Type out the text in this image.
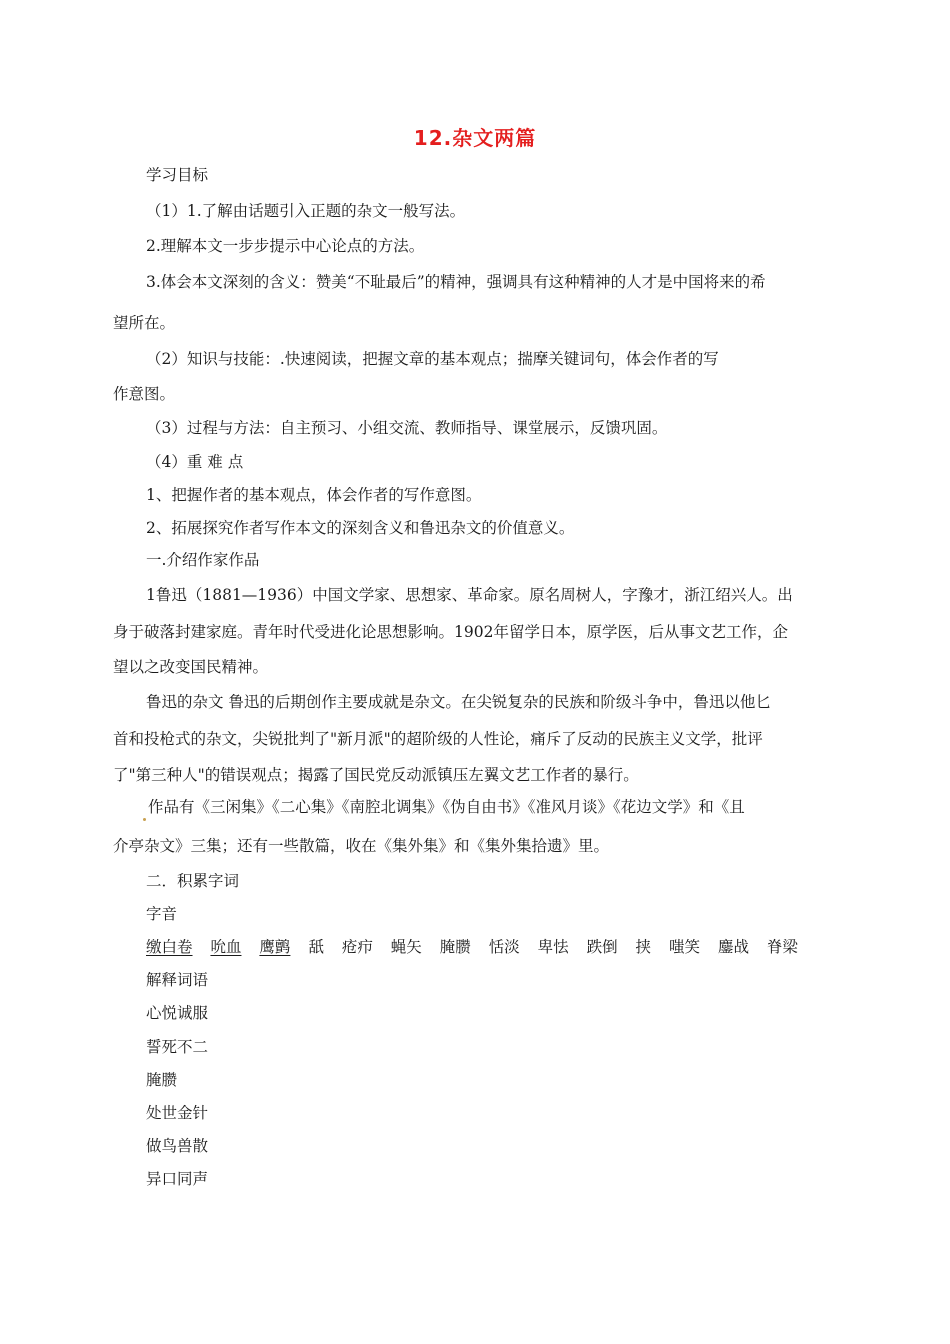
12.杂文两篇
学习目标
（1）1.了解由话题引入正题的杂文一般写法。
2.理解本文一步步提示中心论点的方法。
3.体会本文深刻的含义：赞美“不耻最后”的精神，强调具有这种精神的人才是中国将来的希
望所在。
（2）知识与技能：.快速阅读，把握文章的基本观点；揣摩关键词句，体会作者的写
作意图。
（3）过程与方法：自主预习、小组交流、教师指导、课堂展示，反馈巩固。
（4）重 难 点
1、把握作者的基本观点，体会作者的写作意图。
2、拓展探究作者写作本文的深刻含义和鲁迅杂文的价值意义。
一.介绍作家作品
1鲁迅（1881—1936）中国文学家、思想家、革命家。原名周树人，字豫才，浙江绍兴人。出
身于破落封建家庭。青年时代受进化论思想影响。1902年留学日本，原学医，后从事文艺工作，企
望以之改变国民精神。
鲁迅的杂文 鲁迅的后期创作主要成就是杂文。在尖锐复杂的民族和阶级斗争中，鲁迅以他匕
首和投枪式的杂文，尖锐批判了"新月派"的超阶级的人性论，痛斥了反动的民族主义文学，批评
了"第三种人"的错误观点；揭露了国民党反动派镇压左翼文艺工作者的暴行。
作品有《三闲集》《二心集》《南腔北调集》《伪自由书》《准风月谈》《花边文学》和《且
介亭杂文》三集；还有一些散篇，收在《集外集》和《集外集拾遗》里。
二．积累字词
字音
缴白卷 吮血 鹰鹯 舐 疮疖 蝇矢 腌臜 恬淡 卑怯 跌倒 挟 嗤笑 鏖战 脊梁
解释词语
心悦诚服
誓死不二
腌臜
处世金针
做鸟兽散
异口同声
